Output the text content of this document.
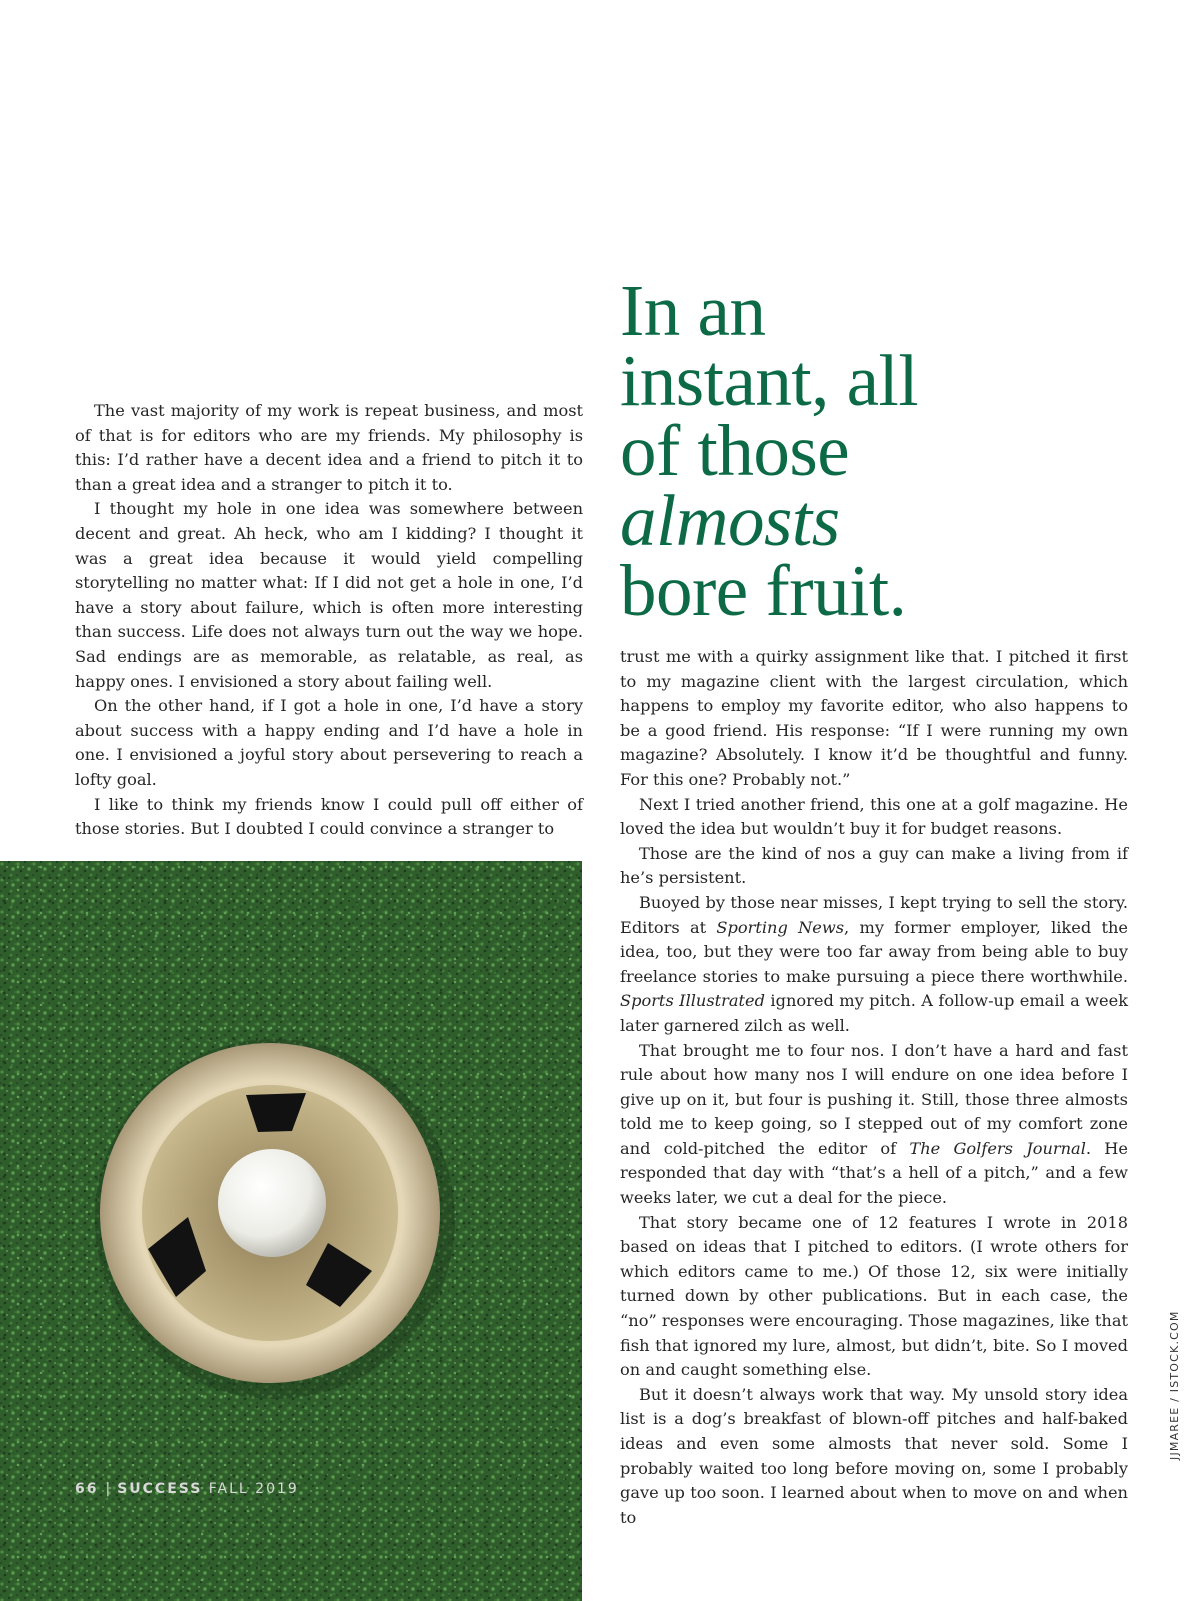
In an
instant, all
of those
almosts
bore fruit.

The vast majority of my work is repeat business, and most of that is for editors who are my friends. My philosophy is this: I’d rather have a decent idea and a friend to pitch it to than a great idea and a stranger to pitch it to.

I thought my hole in one idea was somewhere between decent and great. Ah heck, who am I kidding? I thought it was a great idea because it would yield compelling storytelling no matter what: If I did not get a hole in one, I’d have a story about failure, which is often more interesting than success. Life does not always turn out the way we hope. Sad endings are as memorable, as relatable, as real, as happy ones. I envisioned a story about failing well.

On the other hand, if I got a hole in one, I’d have a story about success with a happy ending and I’d have a hole in one. I envisioned a joyful story about persevering to reach a lofty goal.

I like to think my friends know I could pull off either of those stories. But I doubted I could convince a stranger to

trust me with a quirky assignment like that. I pitched it first to my magazine client with the largest circulation, which happens to employ my favorite editor, who also happens to be a good friend. His response: “If I were running my own magazine? Absolutely. I know it’d be thoughtful and funny. For this one? Probably not.”

Next I tried another friend, this one at a golf magazine. He loved the idea but wouldn’t buy it for budget reasons.

Those are the kind of nos a guy can make a living from if he’s persistent.

Buoyed by those near misses, I kept trying to sell the story. Editors at Sporting News, my former employer, liked the idea, too, but they were too far away from being able to buy freelance stories to make pursuing a piece there worthwhile. Sports Illustrated ignored my pitch. A follow-up email a week later garnered zilch as well.

That brought me to four nos. I don’t have a hard and fast rule about how many nos I will endure on one idea before I give up on it, but four is pushing it. Still, those three almosts told me to keep going, so I stepped out of my comfort zone and cold-pitched the editor of The Golfers Journal. He responded that day with “that’s a hell of a pitch,” and a few weeks later, we cut a deal for the piece.

That story became one of 12 features I wrote in 2018 based on ideas that I pitched to editors. (I wrote others for which editors came to me.) Of those 12, six were initially turned down by other publications. But in each case, the “no” responses were encouraging. Those magazines, like that fish that ignored my lure, almost, but didn’t, bite. So I moved on and caught something else.

But it doesn’t always work that way. My unsold story idea list is a dog’s breakfast of blown-off pitches and half-baked ideas and even some almosts that never sold. Some I probably waited too long before moving on, some I probably gave up too soon. I learned about when to move on and when to

66 | SUCCESS FALL 2019
JJMAREE / ISTOCK.COM
